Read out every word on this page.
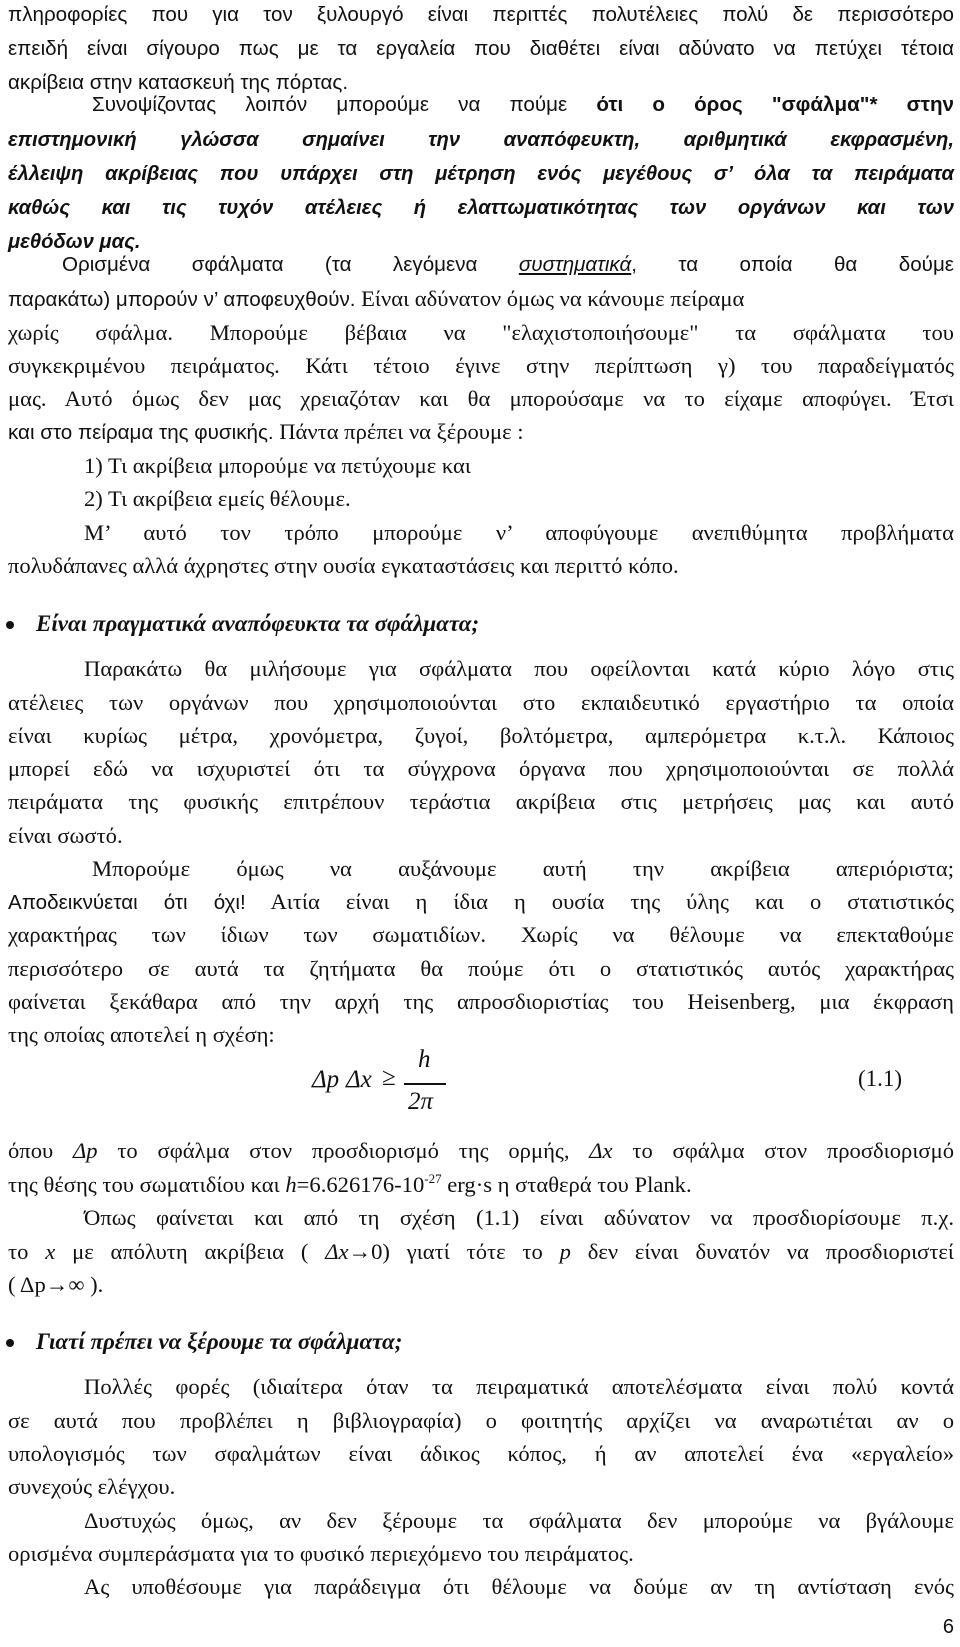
πληροφορίες που για τον ξυλουργό είναι περιττές πολυτέλειες πολύ δε περισσότερο
επειδή είναι σίγουρο πως με τα εργαλεία που διαθέτει είναι αδύνατο να πετύχει τέτοια
ακρίβεια στην κατασκευή της πόρτας.
Συνοψίζοντας λοιπόν μπορούμε να πούμε ότι ο όρος "σφάλμα"* στην
επιστημονική γλώσσα σημαίνει την αναπόφευκτη, αριθμητικά εκφρασμένη,
έλλειψη ακρίβειας που υπάρχει στη μέτρηση ενός μεγέθους σ’ όλα τα πειράματα
καθώς και τις τυχόν ατέλειες ή ελαττωματικότητας των οργάνων και των
μεθόδων μας.
Ορισμένα σφάλματα (τα λεγόμενα συστηματικά, τα οποία θα δούμε
παρακάτω) μπορούν ν’ αποφευχθούν. Είναι αδύνατον όμως να κάνουμε πείραμα
χωρίς σφάλμα. Μπορούμε βέβαια να "ελαχιστοποιήσουμε" τα σφάλματα του
συγκεκριμένου πειράματος. Κάτι τέτοιο έγινε στην περίπτωση γ) του παραδείγματός
μας. Αυτό όμως δεν μας χρειαζόταν και θα μπορούσαμε να το είχαμε αποφύγει. Έτσι
και στο πείραμα της φυσικής. Πάντα πρέπει να ξέρουμε :
1) Τι ακρίβεια μπορούμε να πετύχουμε και
2) Τι ακρίβεια εμείς θέλουμε.
Μ’ αυτό τον τρόπο μπορούμε ν’ αποφύγουμε ανεπιθύμητα προβλήματα
πολυδάπανες αλλά άχρηστες στην ουσία εγκαταστάσεις και περιττό κόπο.
Είναι πραγματικά αναπόφευκτα τα σφάλματα;
Παρακάτω θα μιλήσουμε για σφάλματα που οφείλονται κατά κύριο λόγο στις
ατέλειες των οργάνων που χρησιμοποιούνται στο εκπαιδευτικό εργαστήριο τα οποία
είναι κυρίως μέτρα, χρονόμετρα, ζυγοί, βολτόμετρα, αμπερόμετρα κ.τ.λ. Κάποιος
μπορεί εδώ να ισχυριστεί ότι τα σύγχρονα όργανα που χρησιμοποιούνται σε πολλά
πειράματα της φυσικής επιτρέπουν τεράστια ακρίβεια στις μετρήσεις μας και αυτό
είναι σωστό.
Μπορούμε όμως να αυξάνουμε αυτή την ακρίβεια απεριόριστα;
Αποδεικνύεται ότι όχι! Αιτία είναι η ίδια η ουσία της ύλης και ο στατιστικός
χαρακτήρας των ίδιων των σωματιδίων. Χωρίς να θέλουμε να επεκταθούμε
περισσότερο σε αυτά τα ζητήματα θα πούμε ότι ο στατιστικός αυτός χαρακτήρας
φαίνεται ξεκάθαρα από την αρχή της απροσδιοριστίας του Heisenberg, μια έκφραση
της οποίας αποτελεί η σχέση:
Δp Δx ≥
h
2π
(1.1)
όπου Δp το σφάλμα στον προσδιορισμό της ορμής, Δx το σφάλμα στον προσδιορισμό
της θέσης του σωματιδίου και $h=6.626176-10^{-27}$ erg·s η σταθερά του Plank.
Όπως φαίνεται και από τη σχέση (1.1) είναι αδύνατον να προσδιορίσουμε π.χ.
το x με απόλυτη ακρίβεια ( Δx→0) γιατί τότε το p δεν είναι δυνατόν να προσδιοριστεί
( Δp→∞ ).
Γιατί πρέπει να ξέρουμε τα σφάλματα;
Πολλές φορές (ιδιαίτερα όταν τα πειραματικά αποτελέσματα είναι πολύ κοντά
σε αυτά που προβλέπει η βιβλιογραφία) ο φοιτητής αρχίζει να αναρωτιέται αν ο
υπολογισμός των σφαλμάτων είναι άδικος κόπος, ή αν αποτελεί ένα «εργαλείο»
συνεχούς ελέγχου.
Δυστυχώς όμως, αν δεν ξέρουμε τα σφάλματα δεν μπορούμε να βγάλουμε
ορισμένα συμπεράσματα για το φυσικό περιεχόμενο του πειράματος.
Ας υποθέσουμε για παράδειγμα ότι θέλουμε να δούμε αν τη αντίσταση ενός
6
